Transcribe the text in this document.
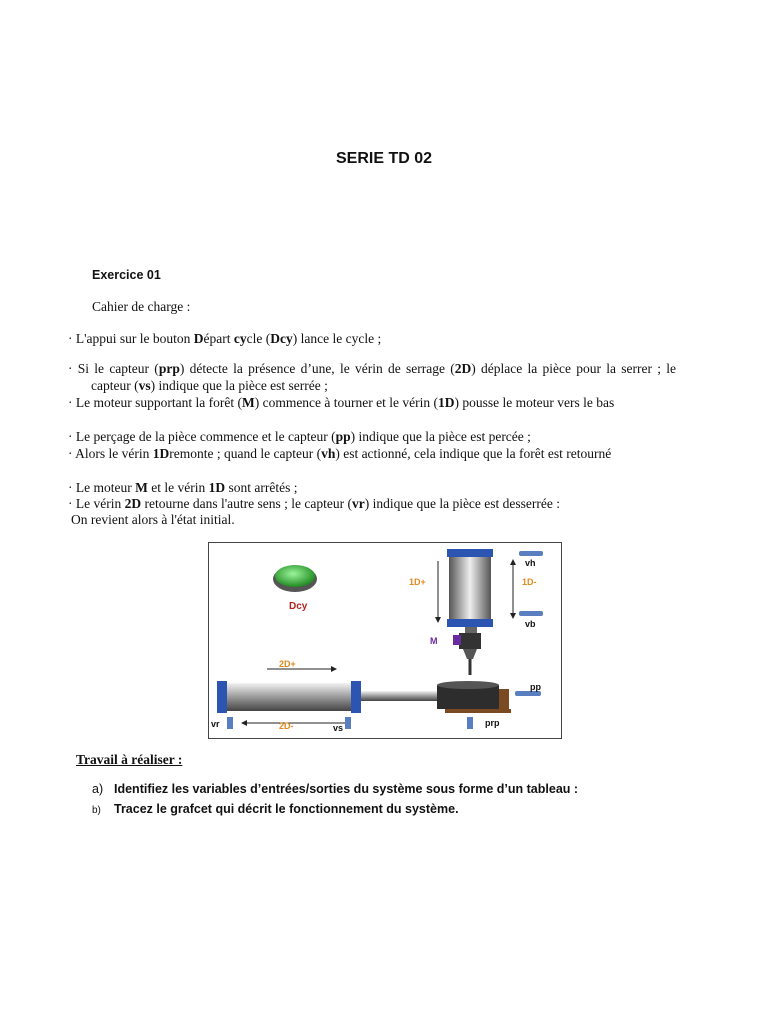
SERIE TD 02
Exercice 01
Cahier de charge :
· L'appui sur le bouton Départ cycle (Dcy) lance le cycle ;
· Si le capteur (prp) détecte la présence d’une, le vérin de serrage (2D) déplace la pièce pour la serrer ; le capteur (vs) indique que la pièce est serrée ;
· Le moteur supportant la forêt (M) commence à tourner et le vérin (1D) pousse le moteur vers le bas
· Le perçage de la pièce commence et le capteur (pp) indique que la pièce est percée ;
· Alors le vérin 1Dremonte ; quand le capteur (vh) est actionné, cela indique que la forêt est retourné
· Le moteur M et le vérin 1D sont arrêtés ;
· Le vérin 2D retourne dans l'autre sens ; le capteur (vr) indique que la pièce est desserrée :
On revient alors à l'état initial.
Dcy
1D+	1D-
vh
vb
M
pp
prp
2D+
2D-
vr	vs
Travail à réaliser :
a) Identifiez les variables d’entrées/sorties du système sous forme d’un tableau :
b) Tracez le grafcet qui décrit le fonctionnement du système.
